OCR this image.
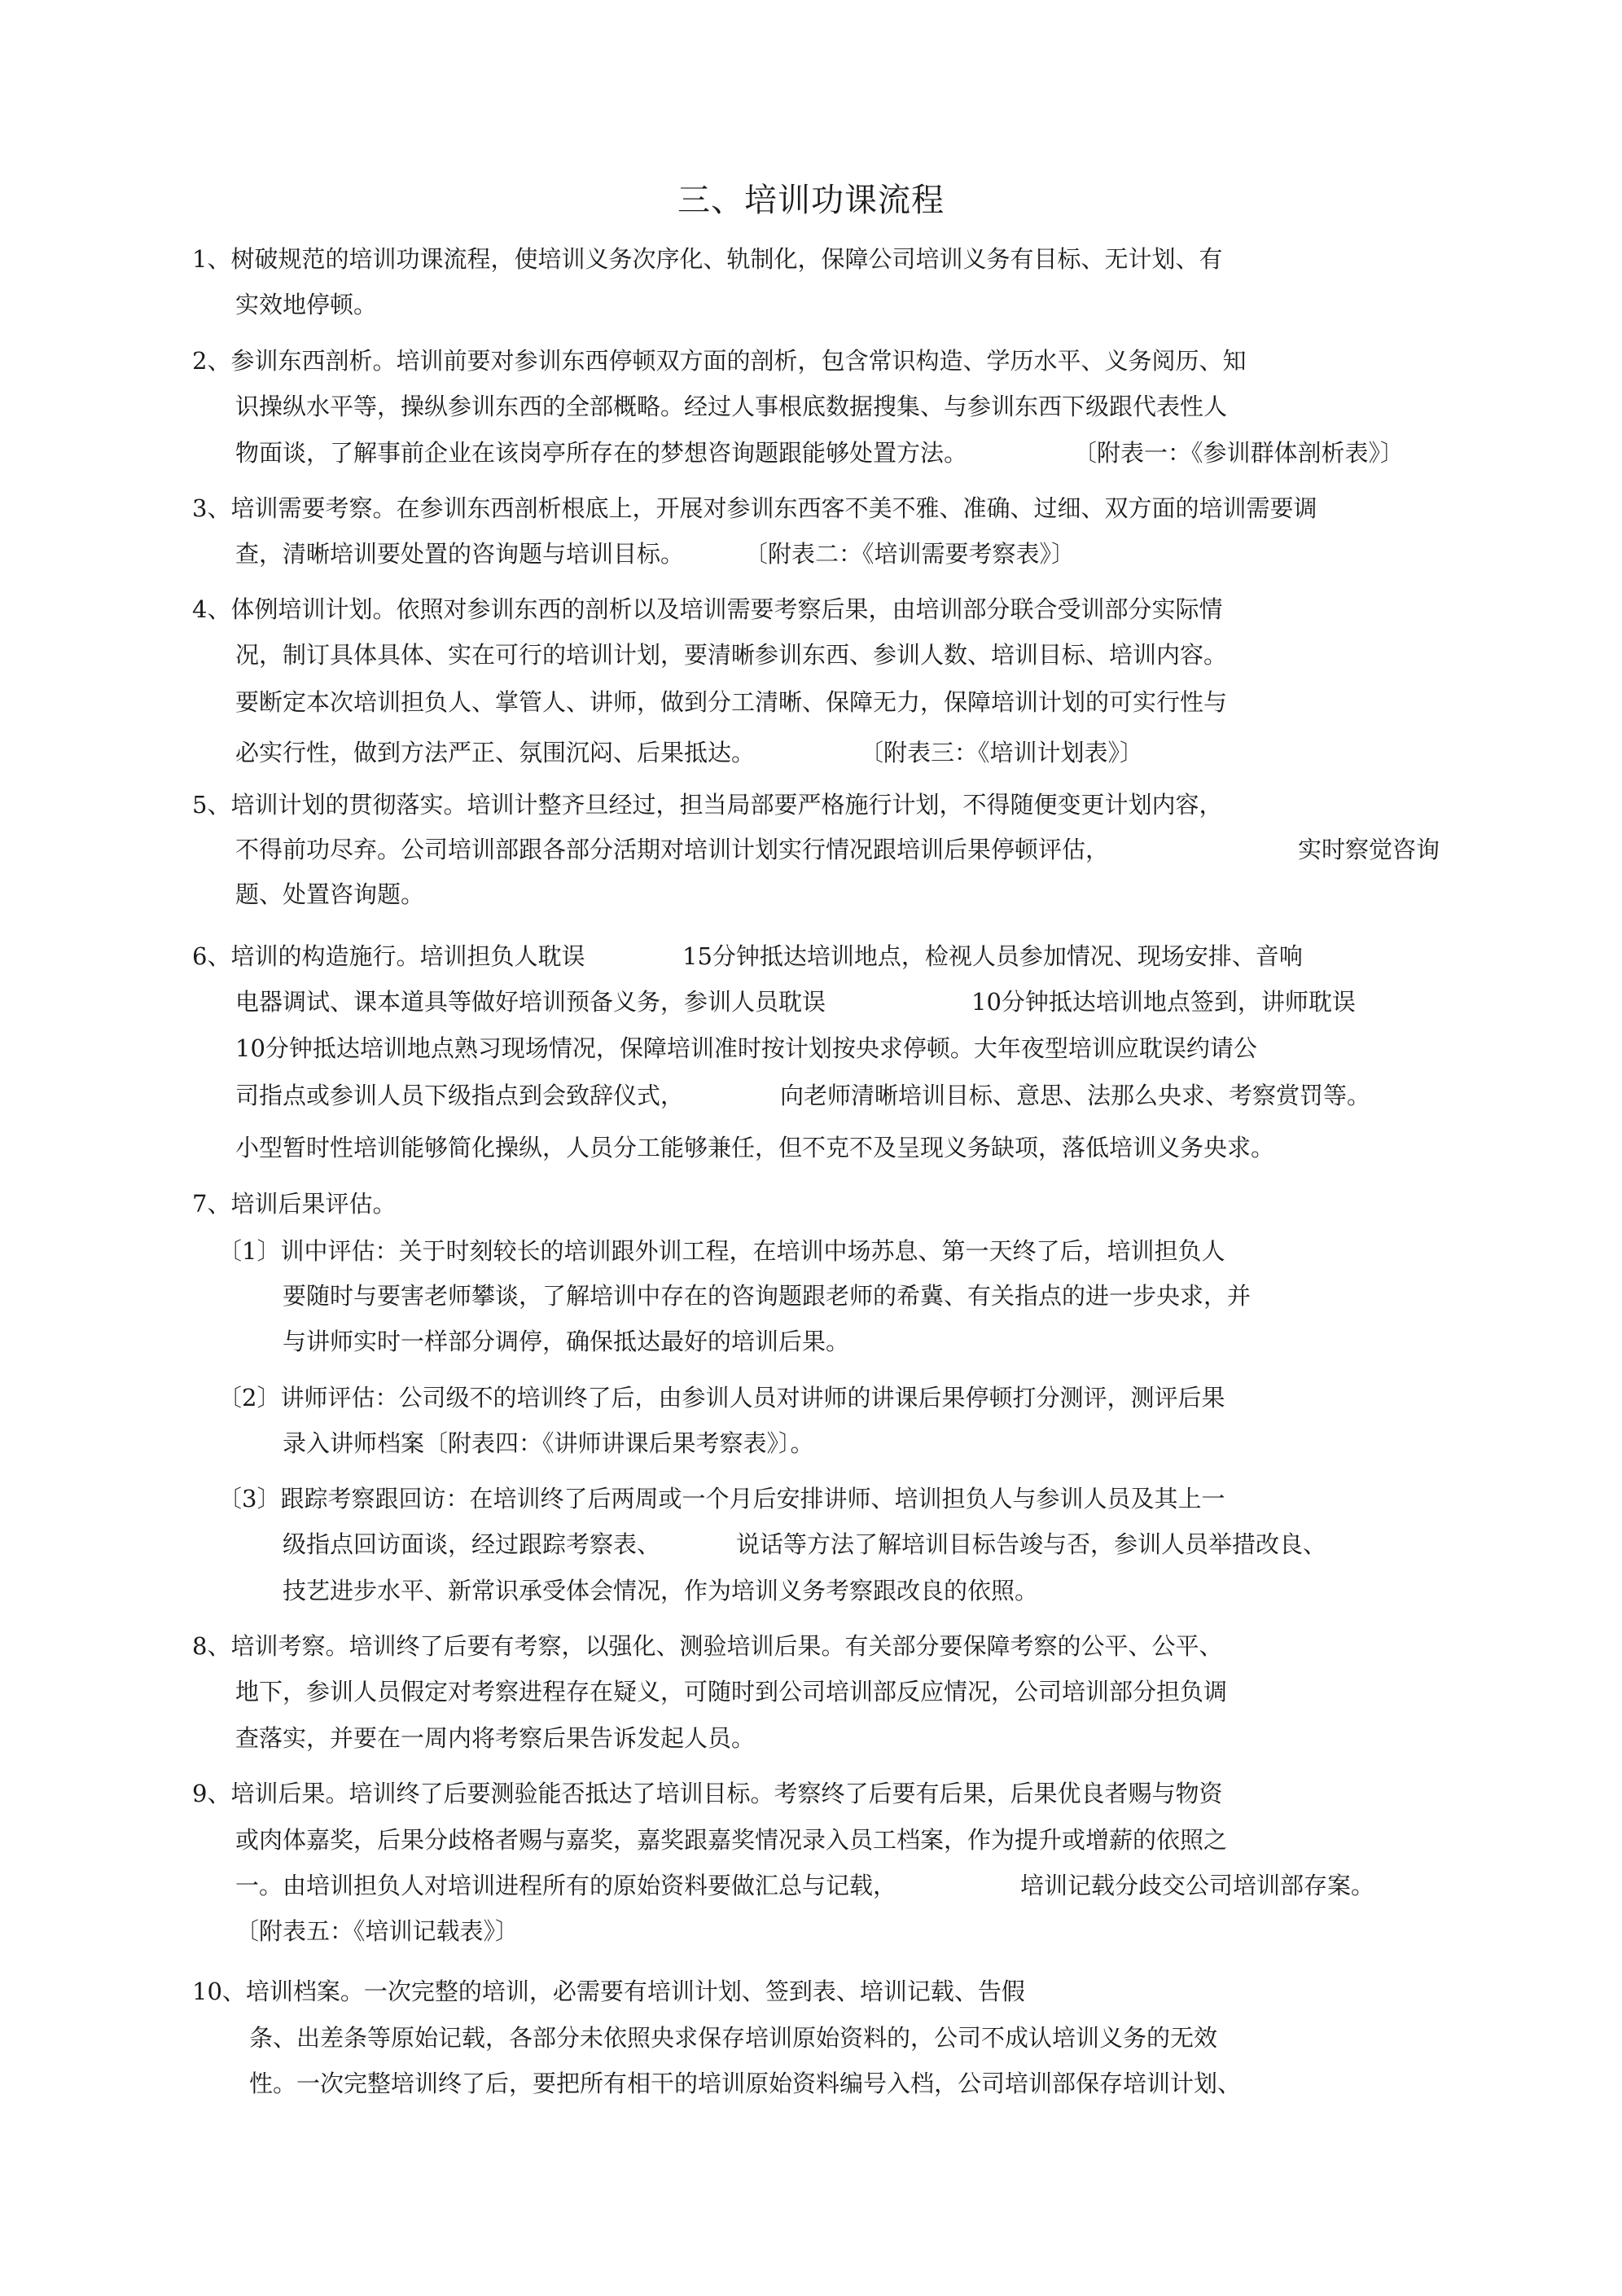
三、培训功课流程
1、树破规范的培训功课流程，使培训义务次序化、轨制化，保障公司培训义务有目标、无计划、有
实效地停顿。
2、参训东西剖析。培训前要对参训东西停顿双方面的剖析，包含常识构造、学历水平、义务阅历、知
识操纵水平等，操纵参训东西的全部概略。经过人事根底数据搜集、与参训东西下级跟代表性人
物面谈，了解事前企业在该岗亭所存在的梦想咨询题跟能够处置方法。	〔附表一：《参训群体剖析表》〕
3、培训需要考察。在参训东西剖析根底上，开展对参训东西客不美不雅、准确、过细、双方面的培训需要调
查，清晰培训要处置的咨询题与培训目标。	〔附表二：《培训需要考察表》〕
4、体例培训计划。依照对参训东西的剖析以及培训需要考察后果，由培训部分联合受训部分实际情
况，制订具体具体、实在可行的培训计划，要清晰参训东西、参训人数、培训目标、培训内容。
要断定本次培训担负人、掌管人、讲师，做到分工清晰、保障无力，保障培训计划的可实行性与
必实行性，做到方法严正、氛围沉闷、后果抵达。	〔附表三：《培训计划表》〕
5、培训计划的贯彻落实。培训计整齐旦经过，担当局部要严格施行计划，不得随便变更计划内容，
不得前功尽弃。公司培训部跟各部分活期对培训计划实行情况跟培训后果停顿评估，	实时察觉咨询
题、处置咨询题。
6、培训的构造施行。培训担负人耽误	15分钟抵达培训地点，检视人员参加情况、现场安排、音响
电器调试、课本道具等做好培训预备义务，参训人员耽误	10分钟抵达培训地点签到，讲师耽误
10分钟抵达培训地点熟习现场情况，保障培训准时按计划按央求停顿。大年夜型培训应耽误约请公
司指点或参训人员下级指点到会致辞仪式，	向老师清晰培训目标、意思、法那么央求、考察赏罚等。
小型暂时性培训能够简化操纵，人员分工能够兼任，但不克不及呈现义务缺项，落低培训义务央求。
7、培训后果评估。
〔1〕训中评估：关于时刻较长的培训跟外训工程，在培训中场苏息、第一天终了后，培训担负人
要随时与要害老师攀谈，了解培训中存在的咨询题跟老师的希冀、有关指点的进一步央求，并
与讲师实时一样部分调停，确保抵达最好的培训后果。
〔2〕讲师评估：公司级不的培训终了后，由参训人员对讲师的讲课后果停顿打分测评，测评后果
录入讲师档案〔附表四：《讲师讲课后果考察表》〕。
〔3〕跟踪考察跟回访：在培训终了后两周或一个月后安排讲师、培训担负人与参训人员及其上一
级指点回访面谈，经过跟踪考察表、	说话等方法了解培训目标告竣与否，参训人员举措改良、
技艺进步水平、新常识承受体会情况，作为培训义务考察跟改良的依照。
8、培训考察。培训终了后要有考察，以强化、测验培训后果。有关部分要保障考察的公平、公平、
地下，参训人员假定对考察进程存在疑义，可随时到公司培训部反应情况，公司培训部分担负调
查落实，并要在一周内将考察后果告诉发起人员。
9、培训后果。培训终了后要测验能否抵达了培训目标。考察终了后要有后果，后果优良者赐与物资
或肉体嘉奖，后果分歧格者赐与嘉奖，嘉奖跟嘉奖情况录入员工档案，作为提升或增薪的依照之
一。由培训担负人对培训进程所有的原始资料要做汇总与记载，	培训记载分歧交公司培训部存案。
〔附表五：《培训记载表》〕
10、培训档案。一次完整的培训，必需要有培训计划、签到表、培训记载、告假
条、出差条等原始记载，各部分未依照央求保存培训原始资料的，公司不成认培训义务的无效
性。一次完整培训终了后，要把所有相干的培训原始资料编号入档，公司培训部保存培训计划、
